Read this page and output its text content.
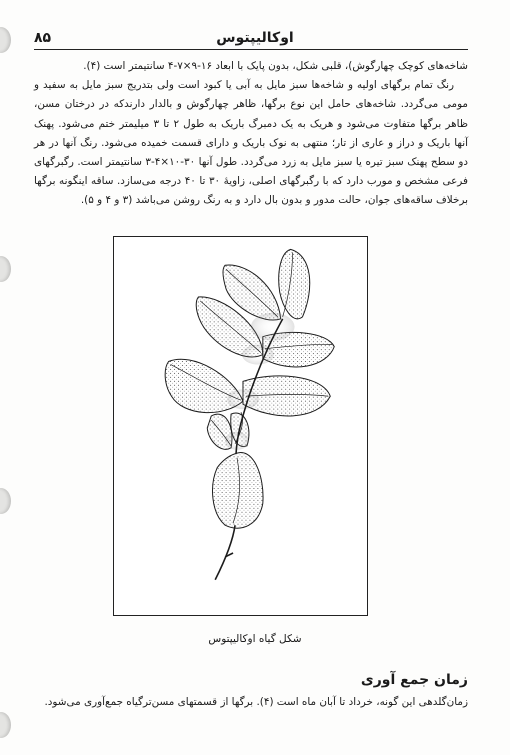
۸۵	اوکالیپتوس

شاخه‌های کوچک چهارگوش)، قلبی شکل، بدون پایک با ابعاد ۱۶-۹×۷-۴ سانتیمتر است (۴).

رنگ تمام برگهای اولیه و شاخه‌ها سبز مایل به آبی یا کبود است ولی بتدریج سبز مایل به سفید و مومی می‌گردد. شاخه‌های حامل این نوع برگها، ظاهر چهارگوش و بالدار دارندکه در درختان مسن، ظاهر برگها متفاوت می‌شود و هریک به یک دمبرگ باریک به طول ۲ تا ۳ میلیمتر ختم می‌شود. پهنک آنها باریک و دراز و عاری از تار؛ منتهی به نوک باریک و دارای قسمت خمیده می‌شود. رنگ آنها در هر دو سطح پهنک سبز تیره یا سبز مایل به زرد می‌گردد. طول آنها ۳۰-۱۰×۴-۳ سانتیمتر است. رگبرگهای فرعی مشخص و مورب دارد که با رگبرگهای اصلی، زاویهٔ ۳۰ تا ۴۰ درجه می‌سازد. ساقه اینگونه برگها برخلاف ساقه‌های جوان، حالت مدور و بدون بال دارد و به رنگ روشن می‌باشد (۳ و ۴ و ۵).

شکل گیاه اوکالیپتوس
زمان جمع آوری
زمان‌گلدهی این گونه، خرداد تا آبان ماه است (۴). برگها از قسمتهای مسن‌ترگیاه جمع‌آوری می‌شود.
